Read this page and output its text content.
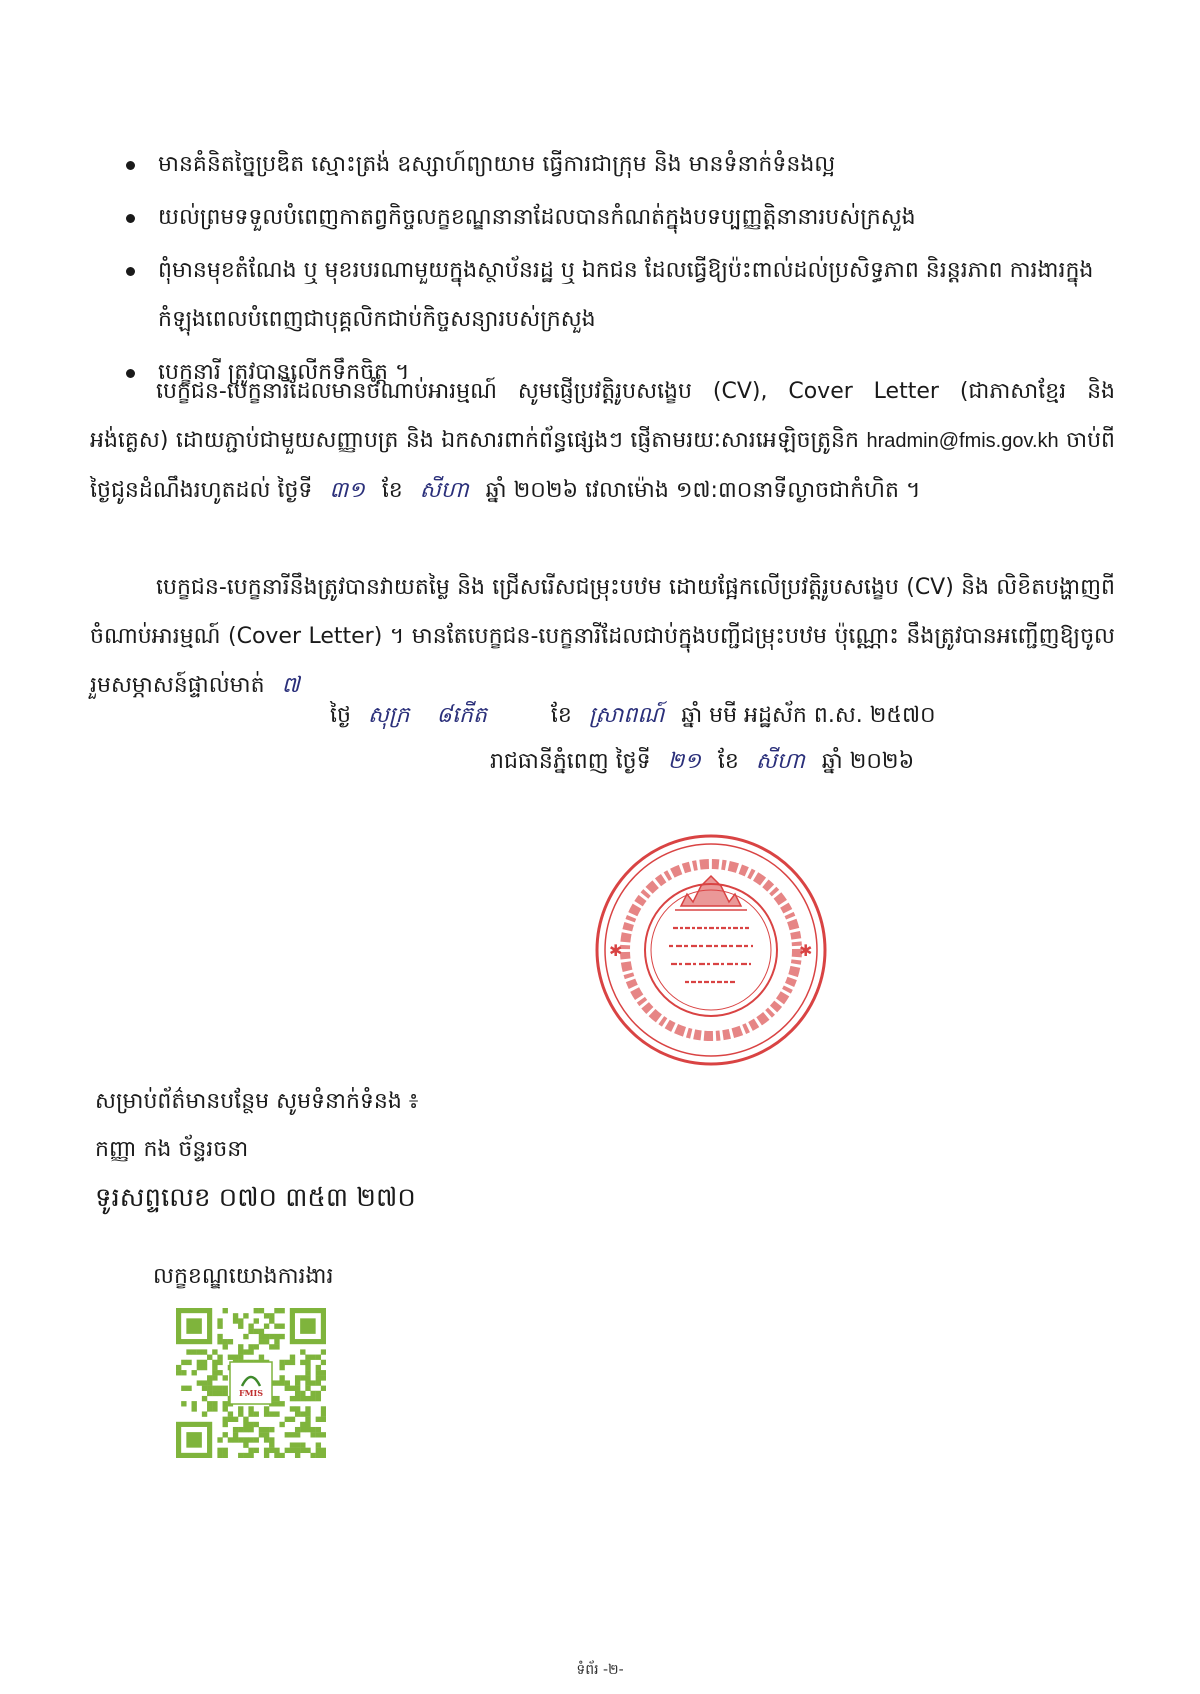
មានគំនិតច្នៃប្រឌិត ស្មោះត្រង់ ឧស្សាហ៍ព្យាយាម ធ្វើការជាក្រុម និង មានទំនាក់ទំនងល្អ
យល់ព្រមទទួលបំពេញកាតព្វកិច្ចលក្ខខណ្ឌនានាដែលបានកំណត់ក្នុងបទប្បញ្ញត្តិនានារបស់ក្រសួង
ពុំមានមុខតំណែង ឬ មុខរបរណាមួយក្នុងស្ថាប័នរដ្ឋ ឬ ឯកជន ដែលធ្វើឱ្យប៉ះពាល់ដល់ប្រសិទ្ធភាព និរន្តរភាព ការងារក្នុងកំឡុងពេលបំពេញជាបុគ្គលិកជាប់កិច្ចសន្យារបស់ក្រសួង
បេក្ខនារី ត្រូវបានលើកទឹកចិត្ត ។

បេក្ខជន-បេក្ខនារីដែលមានចំណាប់អារម្មណ៍ សូមផ្ញើប្រវត្តិរូបសង្ខេប (CV), Cover Letter (ជាភាសាខ្មែរ និង អង់គ្លេស) ដោយភ្ជាប់ជាមួយសញ្ញាបត្រ និង ឯកសារពាក់ព័ន្ធផ្សេងៗ ផ្ញើតាមរយៈសារអេឡិចត្រូនិក hradmin@fmis.gov.kh ចាប់ពីថ្ងៃជូនដំណឹងរហូតដល់ ថ្ងៃទី ៣១ ខែ សីហា ឆ្នាំ ២០២៦ វេលាម៉ោង ១៧:៣០នាទីល្ងាចជាកំហិត ។

បេក្ខជន-បេក្ខនារីនឹងត្រូវបានវាយតម្លៃ និង ជ្រើសរើសជម្រុះបឋម ដោយផ្អែកលើប្រវត្តិរូបសង្ខេប (CV) និង លិខិតបង្ហាញពីចំណាប់អារម្មណ៍ (Cover Letter) ។ មានតែបេក្ខជន-បេក្ខនារីដែលជាប់ក្នុងបញ្ជីជម្រុះបឋម ប៉ុណ្ណោះ នឹងត្រូវបានអញ្ជើញឱ្យចូលរួមសម្ភាសន៍ផ្ទាល់មាត់ ៧

ថ្ងៃ សុក្រ ៨កើត	ខែ ស្រាពណ៍ ឆ្នាំ មមី អដ្ឋស័ក ព.ស. ២៥៧០
រាជធានីភ្នំពេញ ថ្ងៃទី ២១ ខែ សីហា ឆ្នាំ ២០២៦
✱	✱
សម្រាប់ព័ត៌មានបន្ថែម សូមទំនាក់ទំនង ៖
កញ្ញា កង ច័ន្ទរចនា
ទូរសព្ទលេខ ០៧០ ៣៥៣ ២៧០
លក្ខខណ្ឌយោងការងារ
FMIS
ទំព័រ -២-
